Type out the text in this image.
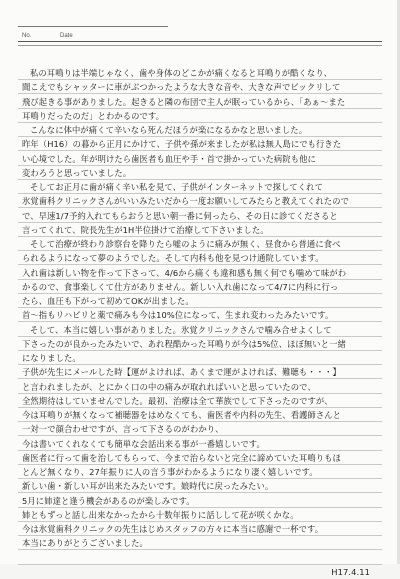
No.	Date
私の耳鳴りは半端じゃなく、歯や身体のどこかが痛くなると耳鳴りが酷くなり、
聞こえでもシャッターに車がぶつかったような大きな音や、大きな声でビックリして
飛び起きる事がありました。起きると隣の布団で主人が眠っているから、「あぁ～また
耳鳴りだったのだ」とわかるのです。
こんなに体中が痛くて辛いなら死んだほうが楽になるかなと思いました。
昨年（H16）の暮から正月にかけて、子供や孫が来ましたが私は無人島にでも行きた
い心境でした。年が明けたら歯医者も血圧や手・首で掛かっていた病院も他に
変わろうと思っていました。
そしてお正月に歯が痛く辛い私を見て、子供がインターネットで探してくれて
氷覚歯科クリニックさんがいいみたいだから一度お願いしてみたらと教えてくれたので
で、早速1/7予約入れてもらおうと思い朝一番に伺ったら、その日に診てくださると
言ってくれて、院長先生が1H半位掛けて治療して下さいました。
そして治療が終わり診察台を降りたら嘘のように痛みが無く、昼食から普通に食べ
られるようになって夢のようでした。そして内科も他を見つけ通院しています。
入れ歯は新しい物を作って下さって、4/6から痛くも違和感も無く何でも噛めて味がわ
かるので、食事楽しくて仕方がありません。新しい入れ歯になって4/7に内科に行っ
たら、血圧も下がって初めてOKが出ました。
首～指もリハビリと薬で痛みも今は10%位になって、生まれ変わったみたいです。
そして、本当に嬉しい事がありました。氷覚クリニックさんで噛み合せよくして
下さったのが良かったみたいで、あれ程酷かった耳鳴りが今は5%位、ほぼ無いと一緒
になりました。
子供が先生にメールした時【運がよければ、あくまで運がよければ、難聴も・・・】
と言われましたが、とにかく口の中の痛みが取れればいいと思っていたので、
全然期待はしていませんでした。最初、治療は全て華族でして下さったのですが、
今は耳鳴りが無くなって補聴器をはめなくても、歯医者や内科の先生、看護師さんと
一対一で顔合わせですが、言って下さるのがわかり、
今は書いてくれなくても簡単な会話出来る事が一番嬉しいです。
歯医者に行って歯を治してもらって、今まで治らないと完全に諦めていた耳鳴りもほ
とんど無くなり、27年振りに人の言う事がわかるようになり凄く嬉しいです。
新しい歯・新しい耳が出来たみたいです。娘時代に戻ったみたい。
5月に姉達と逢う機会があるのが楽しみです。
姉ともずっと話し出来なかったから十数年振りに話しして花が咲くかな。
今は氷覚歯科クリニックの先生はじめスタッフの方々に本当に感謝で一杯です。
本当にありがとうございました。
H17.4.11
